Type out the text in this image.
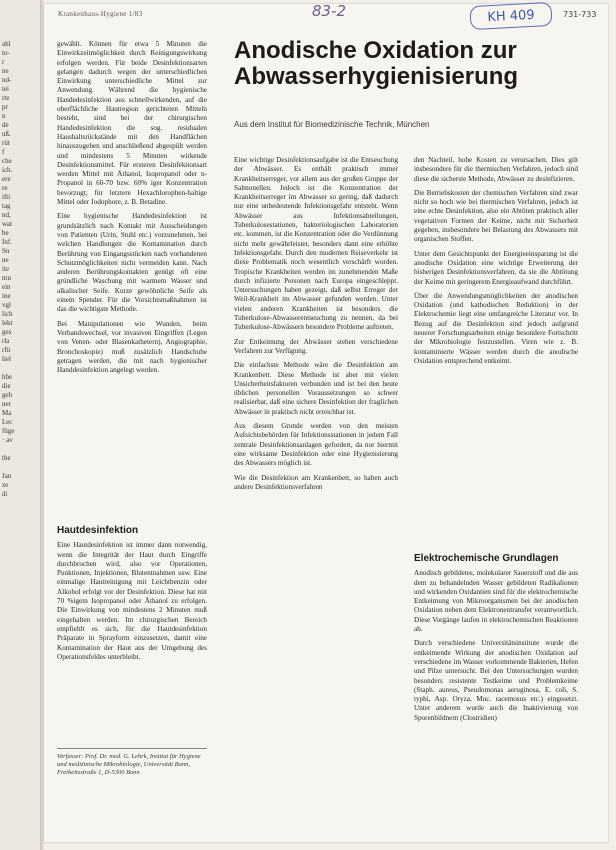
ahl
to-
r
ne
nd-
tei
rte
pr
n
de
uß.
rüt
f
che
ich.
ere
re
ifti
tag
nd,
wat
be
Inf.
Sn
ne
ite
mu
ein
ine
vgl
lich
lekt
ges
rla
rfü
liel

hbe
die
geh
ner
Ma
Lec
füge
· av

the

Jan
ze
di
Krankenhaus-Hygiene 1/83	83-2	KH 409	731-733
Anodische Oxidation zur Abwasserhygienisierung
Aus dem Institut für Biomedizinische Technik, München

gewählt. Können für etwa 5 Minuten die Einwirkzeitmöglichkeit durch Reinigungswirkung erfolgen werden. Für beide Desinfektionsarten gelangen dadurch wegen der unterschiedlichen Einwirkung unterschiedliche Mittel zur Anwendung. Während die hygienische Handedesinfektion aus schnellwirkenden, auf die oberflächliche Hautregion gerichteten Mitteln besteht, sind bei der chirurgischen Handedesinfektion die sog. residualen Haushaltsrückstände mit den Handflächen hinauszugehen und anschließend abgespült werden und mindestens 5 Minuten wirkende Desinfektionsmittel. Für ersteren Desinfektionsart werden Mittel mit Äthanol, Isopropanol oder n-Propanol in 60-70 bzw. 60% iger Konzentration bevorzugt; für letztere Hexachlorophen-haltige Mittel oder Jodophore, z. B. Betadine.

Eine hygienische Handedesinfektion ist grundsätzlich nach Kontakt mit Ausscheidungen von Patienten (Urin, Stuhl etc.) vorzunehmen, bei welchen Handlungen die Kontamination durch Berührung von Eingangsstücken nach vorhandenen Schutzmöglichkeiten nicht vermeiden kann. Nach anderen Berührungskontakten genügt oft eine gründliche Waschung mit warmem Wasser und alkalischer Seife. Kurze gewöhnliche Seife als einem Spender. Für die Vorsichtsmaßnahmen ist das die wichtigste Methode.

Bei Manipulationen wie Wunden, beim Verbandswechsel, vor invasiven Eingriffen (Legen von Venen- oder Blasenkathetern), Angiographie, Bronchoskopie) muß zusätzlich Handschuhe getragen werden, die mit nach hygienischer Handdesinfektion angelegt werden.

Hautdesinfektion

Eine Hautdesinfektion ist immer dann notwendig, wenn die Integrität der Haut durch Eingriffe durchbrochen wird, also vor Operationen, Punktionen, Injektionen, Blutentnahmen usw. Eine einmalige Hautreinigung mit Leichtbenzin oder Alkohol erfolgt vor der Desinfektion. Diese hat mit 70 %igem Isopropanol oder Äthanol zu erfolgen. Die Einwirkung von mindestens 2 Minuten muß eingehalten werden. Im chirurgischen Bereich empfiehlt es sich, für die Hautdesinfektion Präparate in Sprayform einzusetzen, damit eine Kontamination der Haut aus der Umgebung des Operationsfeldes unterbleibt.

Verfasser: Prof. Dr. med. G. Lehrk, Institut für Hygiene und medizinische Mikrobiologie, Universität Bonn, Freiheitsstraße 1, D-5300 Bonn

Eine wichtige Desinfektionsaufgabe ist die Entseuchung der Abwässer. Es enthält praktisch immer Krankheitserreger, vor allem aus der großen Gruppe der Salmonellen. Jedoch ist die Konzentration der Krankheitserreger im Abwasser so gering, daß dadurch nur eine unbedeutende Infektionsgefahr entsteht. Wenn Abwässer aus Infektionsabteilungen, Tuberkulosestationen, bakteriologischen Laboratorien etc. kommen, ist die Konzentration oder die Verdünnung nicht mehr gewährleistet, besonders dann eine erhöhte Infektionsgefahr. Durch den modernen Reiseverkehr ist diese Problematik noch wesentlich verschärft worden. Tropische Krankheiten werden im zunehmenden Maße durch infizierte Personen nach Europa eingeschleppt. Untersuchungen haben gezeigt, daß selbst Erreger der Weil-Krankheit im Abwasser gefunden werden. Unter vielen anderen Krankheiten ist besonders die Tuberkulose-Abwasserentseuchung zu nennen, da bei Tuberkulose-Abwässern besondere Probleme auftreten.

Zur Entkeimung der Abwässer stehen verschiedene Verfahren zur Verfügung.

Die einfachste Methode wäre die Desinfektion am Krankenbett. Diese Methode ist aber mit vielen Unsicherheitsfaktoren verbunden und ist bei den heute üblichen personellen Voraussetzungen so schwer realisierbar, daß eine sichere Desinfektion der fraglichen Abwässer in praktisch nicht erreichbar ist.

Aus diesem Grunde werden von den meisten Aufsichtsbehörden für Infektionsstationen in jedem Fall zentrale Desinfektionsanlagen gefordert, da nur hiermit eine wirksame Desinfektion oder eine Hygienisierung des Abwassers möglich ist.

Wie die Desinfektion am Krankenbett, so haben auch andere Desinfektionsverfahren

den Nachteil, hohe Kosten zu verursachen. Dies gilt insbesondere für die thermischen Verfahren, jedoch sind diese die sicherste Methode, Abwässer zu desinfizieren.

Die Betriebskosten der chemischen Verfahren sind zwar nicht so hoch wie bei thermischen Verfahren, jedoch ist eine echte Desinfektion, also ein Abtöten praktisch aller vegetativen Formen der Keime, nicht mit Sicherheit gegeben, insbesondere bei Belastung des Abwassers mit organischen Stoffen.

Unter dem Gesichtspunkt der Energieeinsparung ist die anodische Oxidation eine wichtige Erweiterung der bisherigen Desinfektionsverfahren, da sie die Abtötung der Keime mit geringerem Energieaufwand durchführt.

Über die Anwendungsmöglichkeiten der anodischen Oxidation (und kathodischen Reduktion) in der Elektrochemie liegt eine umfangreiche Literatur vor. In Bezug auf die Desinfektion sind jedoch aufgrund neuerer Forschungsarbeiten einige besondere Fortschritt der Mikrobiologie festzustellen. Viren wie z. B. kontaminierte Wässer werden durch die anodische Oxidation entsprechend entkeimt.

Elektrochemische Grundlagen

Anodisch gebildetes, molekularer Sauerstoff und die aus dem zu behandelnden Wasser gebildeten Radikalionen und wirkenden Oxidantien sind für die elektrochemische Entkeimung von Mikroorganismen bei der anodischen Oxidation neben dem Elektronentransfer verantwortlich. Diese Vorgänge laufen in elektrochemischen Reaktionen ab.

Durch verschiedene Universitätsinstitute wurde die entkeimende Wirkung der anodischen Oxidation auf verschiedene im Wasser vorkommende Bakterien, Hefen und Pilze untersucht. Bei den Untersuchungen wurden besonders resistente Testkeime und Problemkeime (Staph. aureus, Pseudomonas aeruginosa, E. coli, S. typhi, Asp. Oryza, Muc. racemosus etc.) eingesetzt. Unter anderem wurde auch die Inaktivierung von Sporenbildnern (Clostridien)
